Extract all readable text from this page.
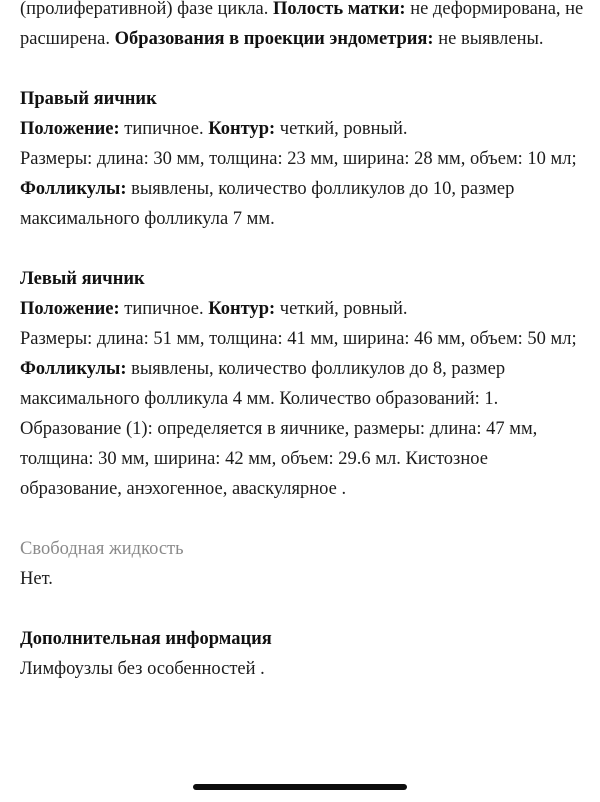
(пролиферативной) фазе цикла. Полость матки: не деформирована, не расширена. Образования в проекции эндометрия: не выявлены.

Правый яичник

Положение: типичное. Контур: четкий, ровный.

Размеры: длина: 30 мм, толщина: 23 мм, ширина: 28 мм, объем: 10 мл; Фолликулы: выявлены, количество фолликулов до 10, размер максимального фолликула 7 мм.

Левый яичник

Положение: типичное. Контур: четкий, ровный.

Размеры: длина: 51 мм, толщина: 41 мм, ширина: 46 мм, объем: 50 мл; Фолликулы: выявлены, количество фолликулов до 8, размер максимального фолликула 4 мм. Количество образований: 1. Образование (1): определяется в яичнике, размеры: длина: 47 мм, толщина: 30 мм, ширина: 42 мм, объем: 29.6 мл. Кистозное образование, анэхогенное, аваскулярное .

Свободная жидкость

Нет.

Дополнительная информация

Лимфоузлы без особенностей .
